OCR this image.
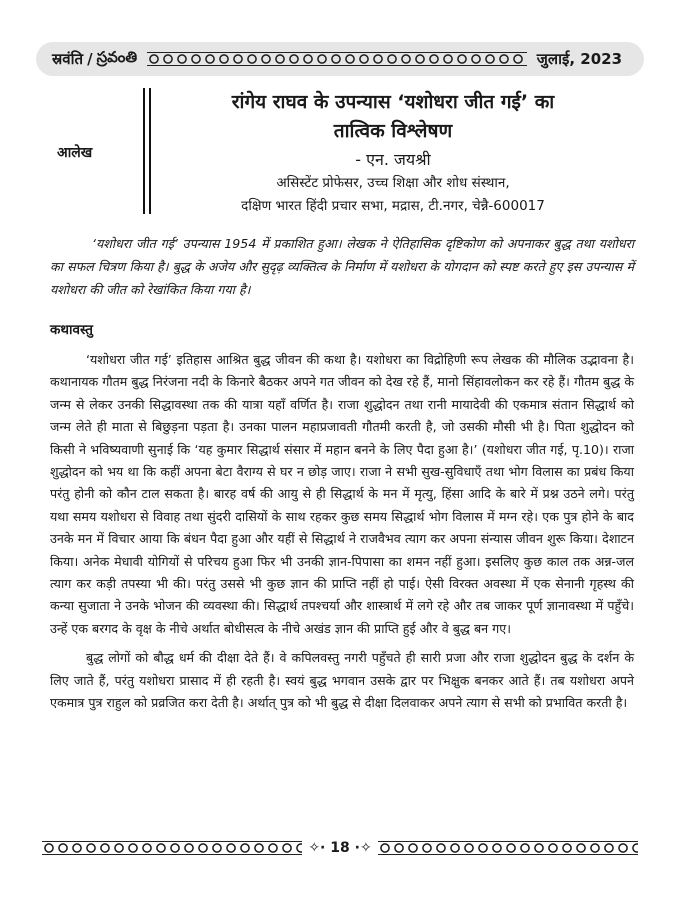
स्रवंति / స్రవంతి	जुलाई, 2023
आलेख
रांगेय राघव के उपन्यास ‘यशोधरा जीत गई’ का
तात्विक विश्लेषण
- एन. जयश्री
असिस्टेंट प्रोफेसर, उच्च शिक्षा और शोध संस्थान,
दक्षिण भारत हिंदी प्रचार सभा, मद्रास, टी.नगर, चेन्नै-600017

‘यशोधरा जीत गई’ उपन्यास 1954 में प्रकाशित हुआ। लेखक ने ऐतिहासिक दृष्टिकोण को अपनाकर बुद्ध तथा यशोधरा का सफल चित्रण किया है। बुद्ध के अजेय और सुदृढ़ व्यक्तित्व के निर्माण में यशोधरा के योगदान को स्पष्ट करते हुए इस उपन्यास में यशोधरा की जीत को रेखांकित किया गया है।

कथावस्तु

‘यशोधरा जीत गई’ इतिहास आश्रित बुद्ध जीवन की कथा है। यशोधरा का विद्रोहिणी रूप लेखक की मौलिक उद्भावना है। कथानायक गौतम बुद्ध निरंजना नदी के किनारे बैठकर अपने गत जीवन को देख रहे हैं, मानो सिंहावलोकन कर रहे हैं। गौतम बुद्ध के जन्म से लेकर उनकी सिद्धावस्था तक की यात्रा यहाँ वर्णित है। राजा शुद्धोदन तथा रानी मायादेवी की एकमात्र संतान सिद्धार्थ को जन्म लेते ही माता से बिछुड़ना पड़ता है। उनका पालन महाप्रजावती गौतमी करती है, जो उसकी मौसी भी है। पिता शुद्धोदन को किसी ने भविष्यवाणी सुनाई कि ‘यह कुमार सिद्धार्थ संसार में महान बनने के लिए पैदा हुआ है।’ (यशोधरा जीत गई, पृ.10)। राजा शुद्धोदन को भय था कि कहीं अपना बेटा वैराग्य से घर न छोड़ जाए। राजा ने सभी सुख-सुविधाएँ तथा भोग विलास का प्रबंध किया परंतु होनी को कौन टाल सकता है। बारह वर्ष की आयु से ही सिद्धार्थ के मन में मृत्यु, हिंसा आदि के बारे में प्रश्न उठने लगे। परंतु यथा समय यशोधरा से विवाह तथा सुंदरी दासियों के साथ रहकर कुछ समय सिद्धार्थ भोग विलास में मग्न रहे। एक पुत्र होने के बाद उनके मन में विचार आया कि बंधन पैदा हुआ और यहीं से सिद्धार्थ ने राजवैभव त्याग कर अपना संन्यास जीवन शुरू किया। देशाटन किया। अनेक मेधावी योगियों से परिचय हुआ फिर भी उनकी ज्ञान-पिपासा का शमन नहीं हुआ। इसलिए कुछ काल तक अन्न-जल त्याग कर कड़ी तपस्या भी की। परंतु उससे भी कुछ ज्ञान की प्राप्ति नहीं हो पाई। ऐसी विरक्त अवस्था में एक सेनानी गृहस्थ की कन्या सुजाता ने उनके भोजन की व्यवस्था की। सिद्धार्थ तपश्चर्या और शास्त्रार्थ में लगे रहे और तब जाकर पूर्ण ज्ञानावस्था में पहुँचे। उन्हें एक बरगद के वृक्ष के नीचे अर्थात बोधीसत्व के नीचे अखंड ज्ञान की प्राप्ति हुई और वे बुद्ध बन गए।

बुद्ध लोगों को बौद्ध धर्म की दीक्षा देते हैं। वे कपिलवस्तु नगरी पहुँचते ही सारी प्रजा और राजा शुद्धोदन बुद्ध के दर्शन के लिए जाते हैं, परंतु यशोधरा प्रासाद में ही रहती है। स्वयं बुद्ध भगवान उसके द्वार पर भिक्षुक बनकर आते हैं। तब यशोधरा अपने एकमात्र पुत्र राहुल को प्रव्रजित करा देती है। अर्थात् पुत्र को भी बुद्ध से दीक्षा दिलवाकर अपने त्याग से सभी को प्रभावित करती है।

✧· 18 ·✧
